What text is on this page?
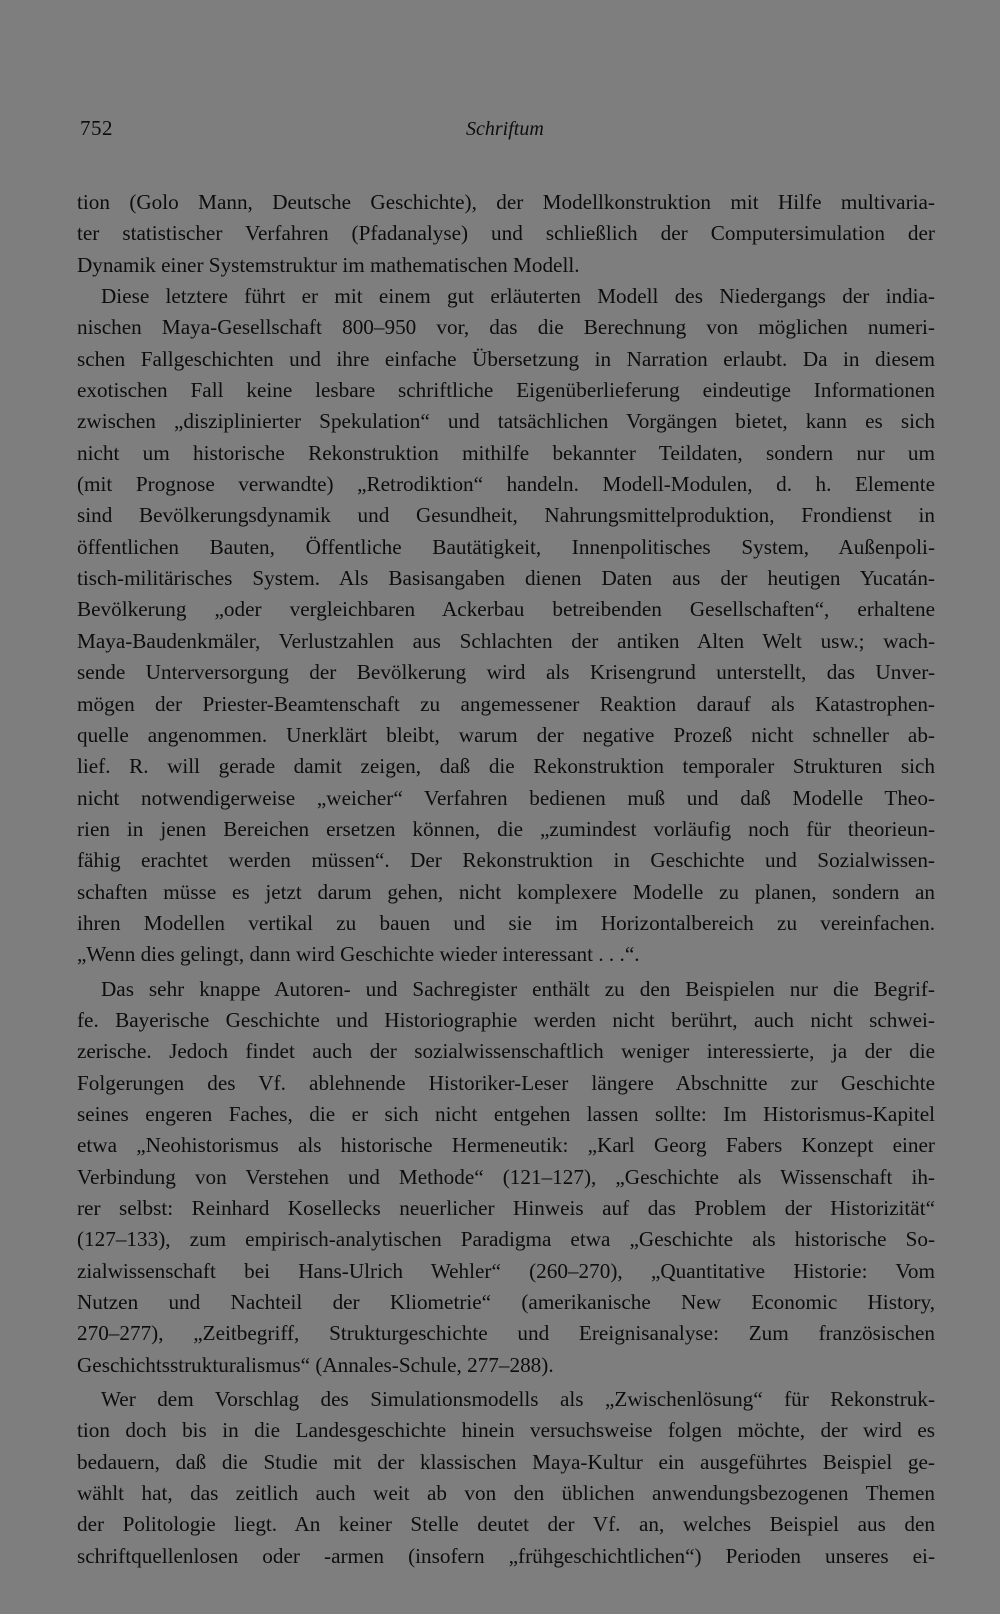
752	Schriftum
tion (Golo Mann, Deutsche Geschichte), der Modellkonstruktion mit Hilfe multivaria-
ter statistischer Verfahren (Pfadanalyse) und schließlich der Computersimulation der
Dynamik einer Systemstruktur im mathematischen Modell.
Diese letztere führt er mit einem gut erläuterten Modell des Niedergangs der india-
nischen Maya-Gesellschaft 800–950 vor, das die Berechnung von möglichen numeri-
schen Fallgeschichten und ihre einfache Übersetzung in Narration erlaubt. Da in diesem
exotischen Fall keine lesbare schriftliche Eigenüberlieferung eindeutige Informationen
zwischen „disziplinierter Spekulation“ und tatsächlichen Vorgängen bietet, kann es sich
nicht um historische Rekonstruktion mithilfe bekannter Teildaten, sondern nur um
(mit Prognose verwandte) „Retrodiktion“ handeln. Modell-Modulen, d. h. Elemente
sind Bevölkerungsdynamik und Gesundheit, Nahrungsmittelproduktion, Frondienst in
öffentlichen Bauten, Öffentliche Bautätigkeit, Innenpolitisches System, Außenpoli-
tisch-militärisches System. Als Basisangaben dienen Daten aus der heutigen Yucatán-
Bevölkerung „oder vergleichbaren Ackerbau betreibenden Gesellschaften“, erhaltene
Maya-Baudenkmäler, Verlustzahlen aus Schlachten der antiken Alten Welt usw.; wach-
sende Unterversorgung der Bevölkerung wird als Krisengrund unterstellt, das Unver-
mögen der Priester-Beamtenschaft zu angemessener Reaktion darauf als Katastrophen-
quelle angenommen. Unerklärt bleibt, warum der negative Prozeß nicht schneller ab-
lief. R. will gerade damit zeigen, daß die Rekonstruktion temporaler Strukturen sich
nicht notwendigerweise „weicher“ Verfahren bedienen muß und daß Modelle Theo-
rien in jenen Bereichen ersetzen können, die „zumindest vorläufig noch für theorieun-
fähig erachtet werden müssen“. Der Rekonstruktion in Geschichte und Sozialwissen-
schaften müsse es jetzt darum gehen, nicht komplexere Modelle zu planen, sondern an
ihren Modellen vertikal zu bauen und sie im Horizontalbereich zu vereinfachen.
„Wenn dies gelingt, dann wird Geschichte wieder interessant . . .“.
Das sehr knappe Autoren- und Sachregister enthält zu den Beispielen nur die Begrif-
fe. Bayerische Geschichte und Historiographie werden nicht berührt, auch nicht schwei-
zerische. Jedoch findet auch der sozialwissenschaftlich weniger interessierte, ja der die
Folgerungen des Vf. ablehnende Historiker-Leser längere Abschnitte zur Geschichte
seines engeren Faches, die er sich nicht entgehen lassen sollte: Im Historismus-Kapitel
etwa „Neohistorismus als historische Hermeneutik: „Karl Georg Fabers Konzept einer
Verbindung von Verstehen und Methode“ (121–127), „Geschichte als Wissenschaft ih-
rer selbst: Reinhard Kosellecks neuerlicher Hinweis auf das Problem der Historizität“
(127–133), zum empirisch-analytischen Paradigma etwa „Geschichte als historische So-
zialwissenschaft bei Hans-Ulrich Wehler“ (260–270), „Quantitative Historie: Vom
Nutzen und Nachteil der Kliometrie“ (amerikanische New Economic History,
270–277), „Zeitbegriff, Strukturgeschichte und Ereignisanalyse: Zum französischen
Geschichtsstrukturalismus“ (Annales-Schule, 277–288).
Wer dem Vorschlag des Simulationsmodells als „Zwischenlösung“ für Rekonstruk-
tion doch bis in die Landesgeschichte hinein versuchsweise folgen möchte, der wird es
bedauern, daß die Studie mit der klassischen Maya-Kultur ein ausgeführtes Beispiel ge-
wählt hat, das zeitlich auch weit ab von den üblichen anwendungsbezogenen Themen
der Politologie liegt. An keiner Stelle deutet der Vf. an, welches Beispiel aus den
schriftquellenlosen oder -armen (insofern „frühgeschichtlichen“) Perioden unseres ei-
